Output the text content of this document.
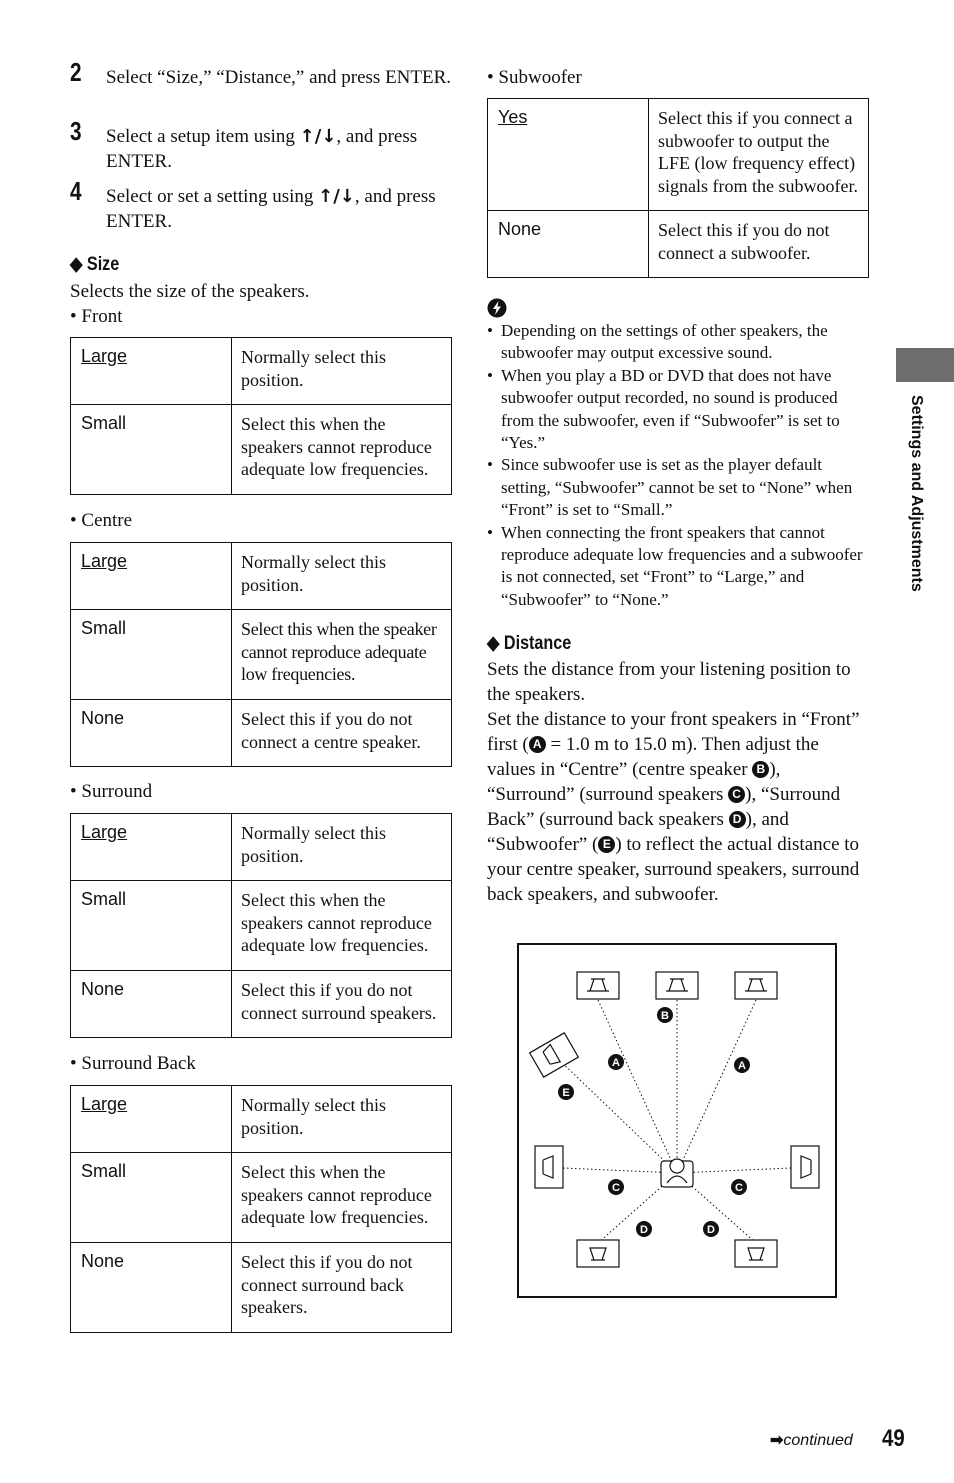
2 Select “Size,” “Distance,” and press ENTER.
3 Select a setup item using ↑/↓, and press ENTER.
4 Select or set a setting using ↑/↓, and press ENTER.
◆ Size
Selects the size of the speakers.
• Front
Large	Normally select this position.
Small	Select this when the speakers cannot reproduce adequate low frequencies.
• Centre
Large	Normally select this position.
Small	Select this when the speaker cannot reproduce adequate low frequencies.
None	Select this if you do not connect a centre speaker.
• Surround
Large	Normally select this position.
Small	Select this when the speakers cannot reproduce adequate low frequencies.
None	Select this if you do not connect surround speakers.
• Surround Back
Large	Normally select this position.
Small	Select this when the speakers cannot reproduce adequate low frequencies.
None	Select this if you do not connect surround back speakers.
• Subwoofer
Yes	Select this if you connect a subwoofer to output the LFE (low frequency effect) signals from the subwoofer.
None	Select this if you do not connect a subwoofer.
• Depending on the settings of other speakers, the subwoofer may output excessive sound.
• When you play a BD or DVD that does not have subwoofer output recorded, no sound is produced from the subwoofer, even if “Subwoofer” is set to “Yes.”
• Since subwoofer use is set as the player default setting, “Subwoofer” cannot be set to “None” when “Front” is set to “Small.”
• When connecting the front speakers that cannot reproduce adequate low frequencies and a subwoofer is not connected, set “Front” to “Large,” and “Subwoofer” to “None.”
◆ Distance
Sets the distance from your listening position to the speakers.
Set the distance to your front speakers in “Front” first ( A = 1.0 m to 15.0 m). Then adjust the values in “Centre” (centre speaker B ), “Surround” (surround speakers C ), “Surround Back” (surround back speakers D ), and “Subwoofer” ( E ) to reflect the actual distance to your centre speaker, surround speakers, surround back speakers, and subwoofer.
B
A	A
E
C	C
D	D
Settings and Adjustments
➡continued 49
